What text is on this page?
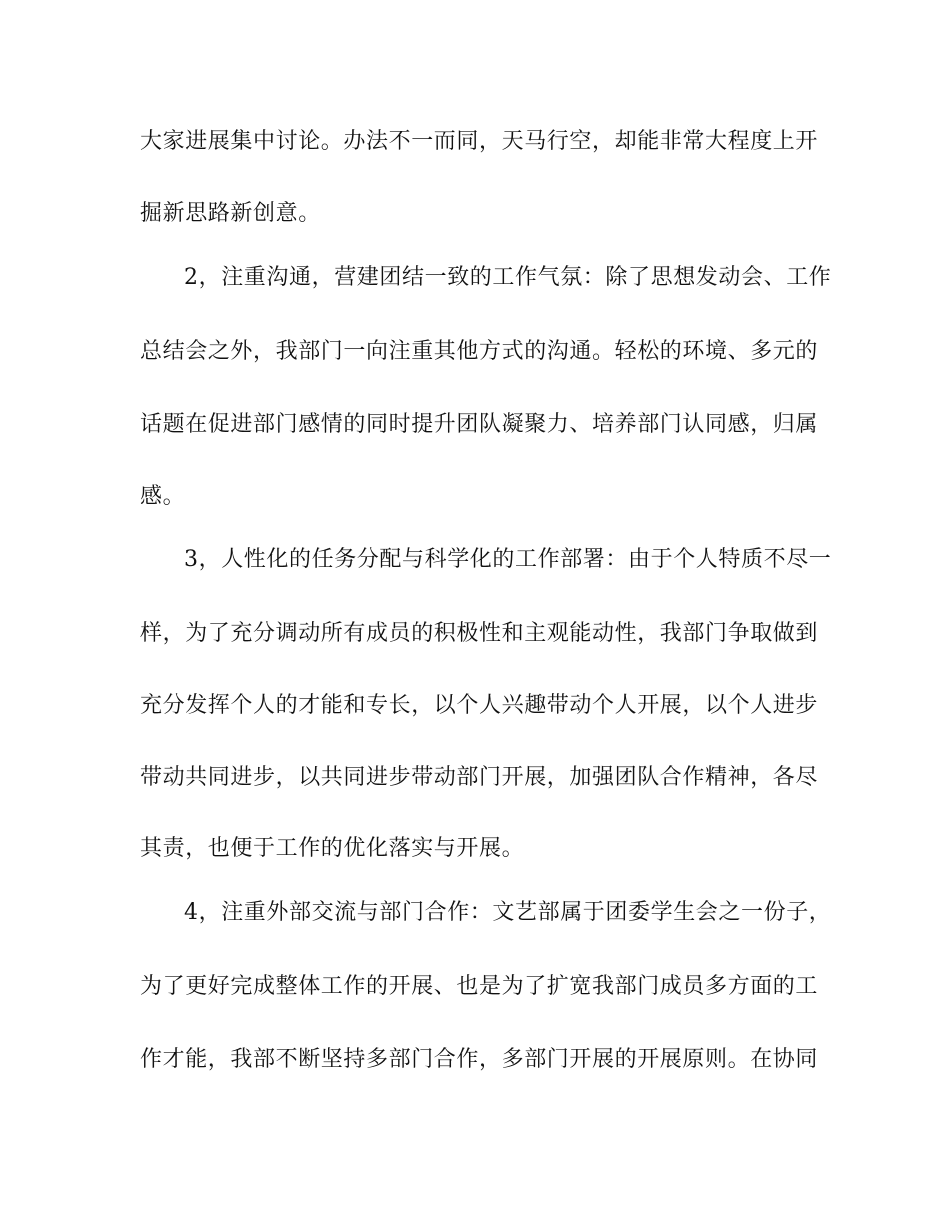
大家进展集中讨论。办法不一而同，天马行空，却能非常大程度上开
掘新思路新创意。
2，注重沟通，营建团结一致的工作气氛：除了思想发动会、工作
总结会之外，我部门一向注重其他方式的沟通。轻松的环境、多元的
话题在促进部门感情的同时提升团队凝聚力、培养部门认同感，归属
感。
3，人性化的任务分配与科学化的工作部署：由于个人特质不尽一
样，为了充分调动所有成员的积极性和主观能动性，我部门争取做到
充分发挥个人的才能和专长，以个人兴趣带动个人开展，以个人进步
带动共同进步，以共同进步带动部门开展，加强团队合作精神，各尽
其责，也便于工作的优化落实与开展。
4，注重外部交流与部门合作：文艺部属于团委学生会之一份子，
为了更好完成整体工作的开展、也是为了扩宽我部门成员多方面的工
作才能，我部不断坚持多部门合作，多部门开展的开展原则。在协同
